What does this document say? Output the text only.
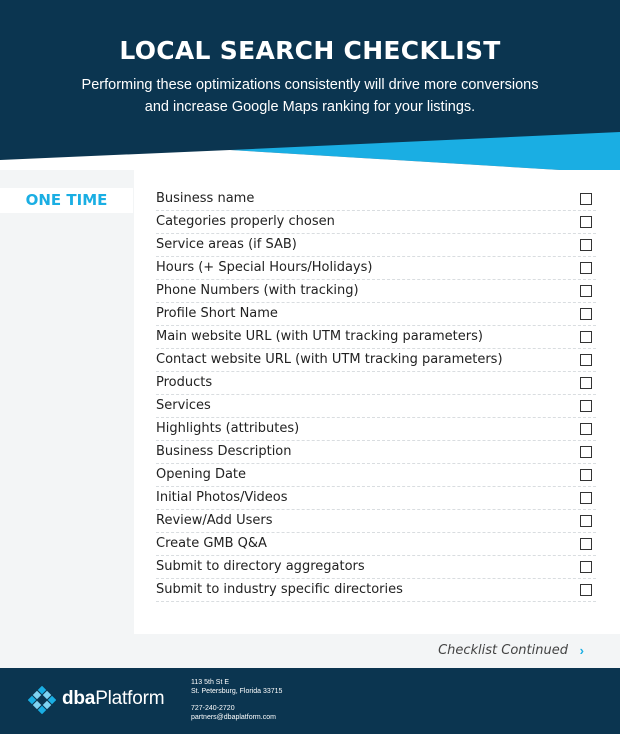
LOCAL SEARCH CHECKLIST
Performing these optimizations consistently will drive more conversions and increase Google Maps ranking for your listings.
ONE TIME	Business name
Categories properly chosen
Service areas (if SAB)
Hours (+ Special Hours/Holidays)
Phone Numbers (with tracking)
Profile Short Name
Main website URL (with UTM tracking parameters)
Contact website URL (with UTM tracking parameters)
Products
Services
Highlights (attributes)
Business Description
Opening Date
Initial Photos/Videos
Review/Add Users
Create GMB Q&A
Submit to directory aggregators
Submit to industry specific directories
Checklist Continued ›
dbaPlatform
113 5th St E
St. Petersburg, Florida 33715
727-240-2720
partners@dbaplatform.com
